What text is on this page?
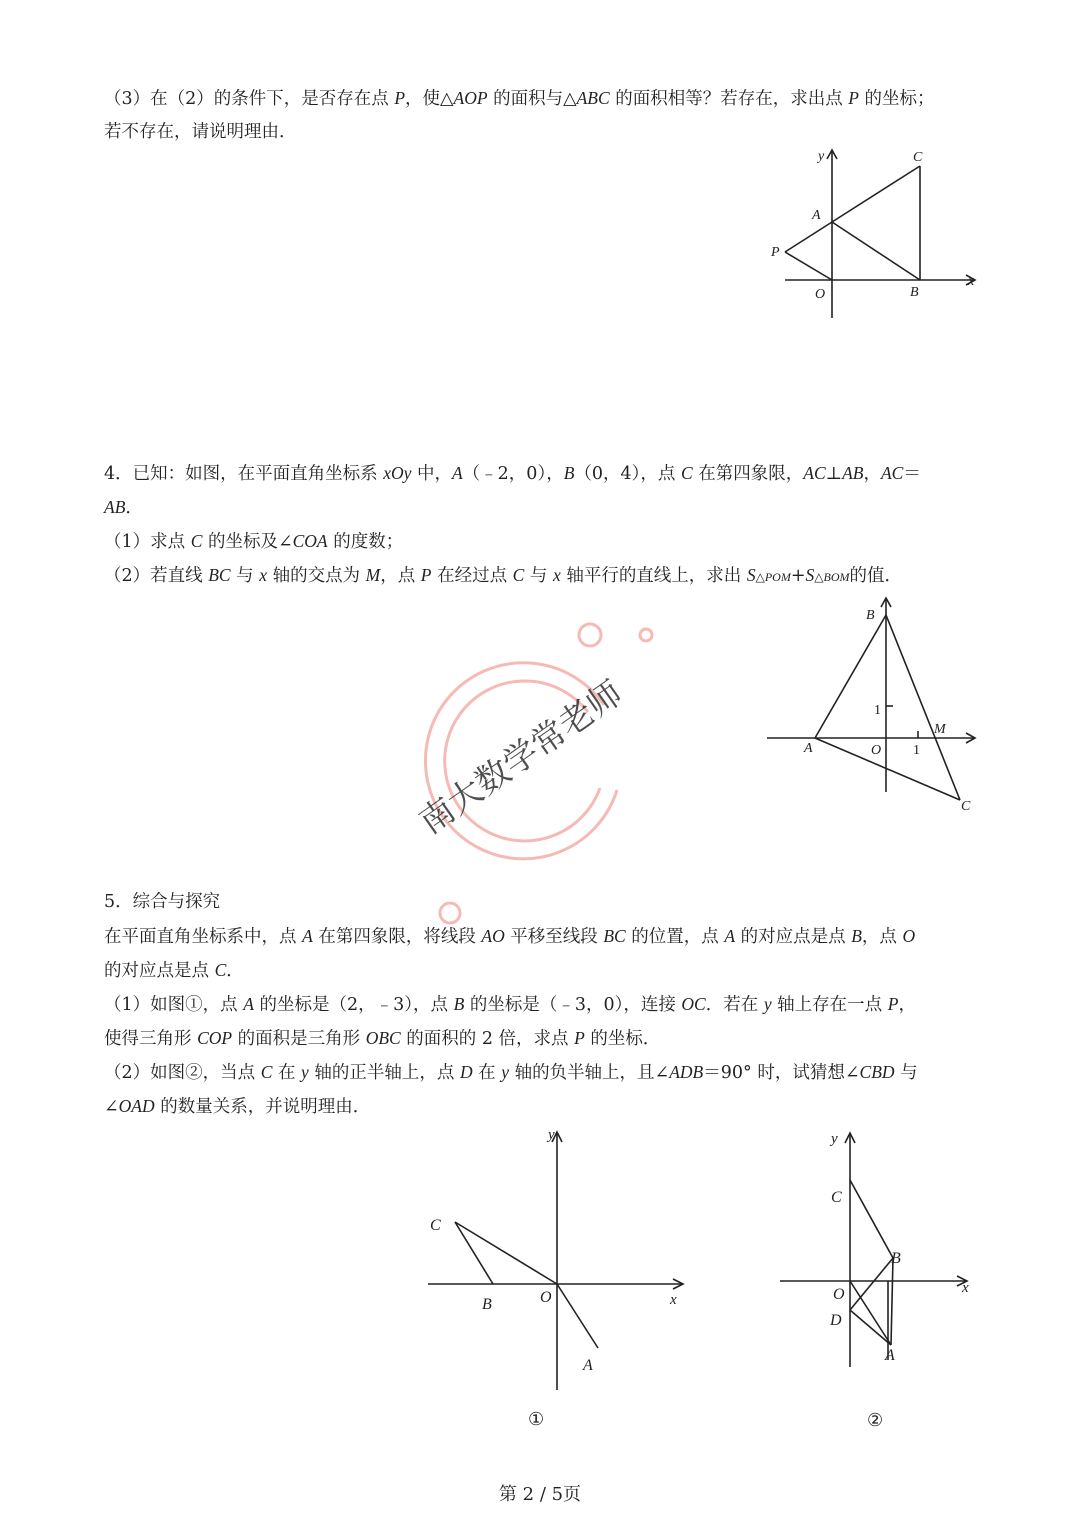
（3）在（2）的条件下，是否存在点 P，使△AOP 的面积与△ABC 的面积相等？若存在，求出点 P 的坐标；
若不存在，请说明理由．
y
x
C
A
P
O	B
4．已知：如图，在平面直角坐标系 xOy 中，A（﹣2，0），B（0，4），点 C 在第四象限，AC⊥AB，AC＝
AB．
（1）求点 C 的坐标及∠COA 的度数；
（2）若直线 BC 与 x 轴的交点为 M，点 P 在经过点 C 与 x 轴平行的直线上，求出 S△POM+S△BOM的值．
B
1
M
A	O 1
C
南大数学常老师
5．综合与探究
在平面直角坐标系中，点 A 在第四象限，将线段 AO 平移至线段 BC 的位置，点 A 的对应点是点 B，点 O
的对应点是点 C．
（1）如图①，点 A 的坐标是（2，﹣3），点 B 的坐标是（﹣3，0），连接 OC．若在 y 轴上存在一点 P，
使得三角形 COP 的面积是三角形 OBC 的面积的 2 倍，求点 P 的坐标．
（2）如图②，当点 C 在 y 轴的正半轴上，点 D 在 y 轴的负半轴上，且∠ADB＝90° 时，试猜想∠CBD 与
∠OAD 的数量关系，并说明理由．
y
C
B	O	x
A
①
y
C
B
x
O
D
A
②
第 2 / 5页
